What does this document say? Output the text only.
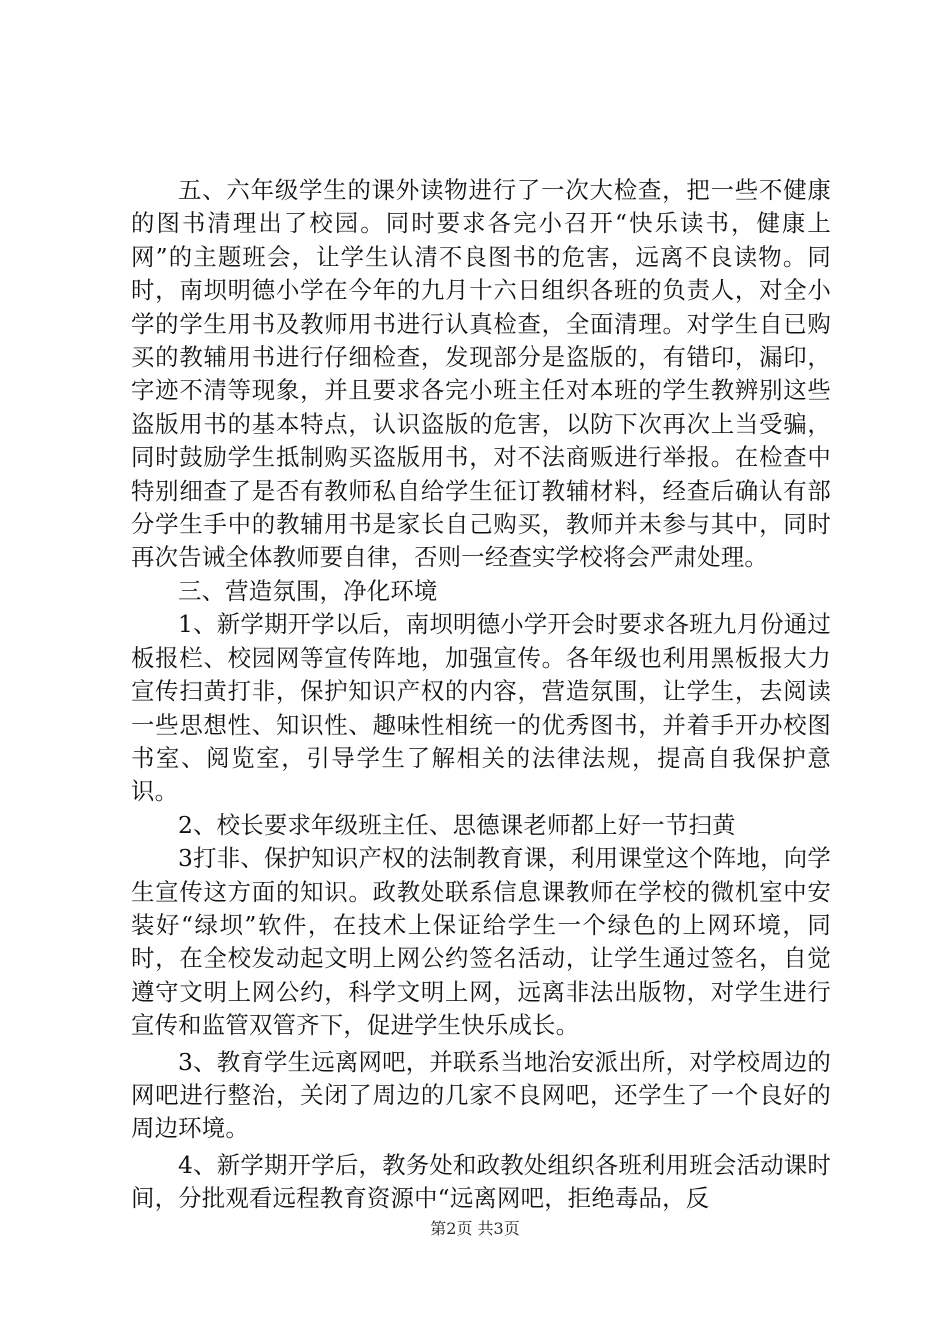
五、六年级学生的课外读物进行了一次大检查，把一些不健康的图书清理出了校园。同时要求各完小召开“快乐读书，健康上网”的主题班会，让学生认清不良图书的危害，远离不良读物。同时，南坝明德小学在今年的九月十六日组织各班的负责人，对全小学的学生用书及教师用书进行认真检查，全面清理。对学生自已购买的教辅用书进行仔细检查，发现部分是盗版的，有错印，漏印，字迹不清等现象，并且要求各完小班主任对本班的学生教辨别这些盗版用书的基本特点，认识盗版的危害，以防下次再次上当受骗，同时鼓励学生抵制购买盗版用书，对不法商贩进行举报。在检查中特别细查了是否有教师私自给学生征订教辅材料，经查后确认有部分学生手中的教辅用书是家长自己购买，教师并未参与其中，同时再次告诫全体教师要自律，否则一经查实学校将会严肃处理。

三、营造氛围，净化环境

1、新学期开学以后，南坝明德小学开会时要求各班九月份通过板报栏、校园网等宣传阵地，加强宣传。各年级也利用黑板报大力宣传扫黄打非，保护知识产权的内容，营造氛围，让学生，去阅读一些思想性、知识性、趣味性相统一的优秀图书，并着手开办校图书室、阅览室，引导学生了解相关的法律法规，提高自我保护意识。

2、校长要求年级班主任、思德课老师都上好一节扫黄

3打非、保护知识产权的法制教育课，利用课堂这个阵地，向学生宣传这方面的知识。政教处联系信息课教师在学校的微机室中安装好“绿坝”软件，在技术上保证给学生一个绿色的上网环境，同时，在全校发动起文明上网公约签名活动，让学生通过签名，自觉遵守文明上网公约，科学文明上网，远离非法出版物，对学生进行宣传和监管双管齐下，促进学生快乐成长。

3、教育学生远离网吧，并联系当地治安派出所，对学校周边的网吧进行整治，关闭了周边的几家不良网吧，还学生了一个良好的周边环境。

4、新学期开学后，教务处和政教处组织各班利用班会活动课时间，分批观看远程教育资源中“远离网吧，拒绝毒品，反

第2页 共3页
